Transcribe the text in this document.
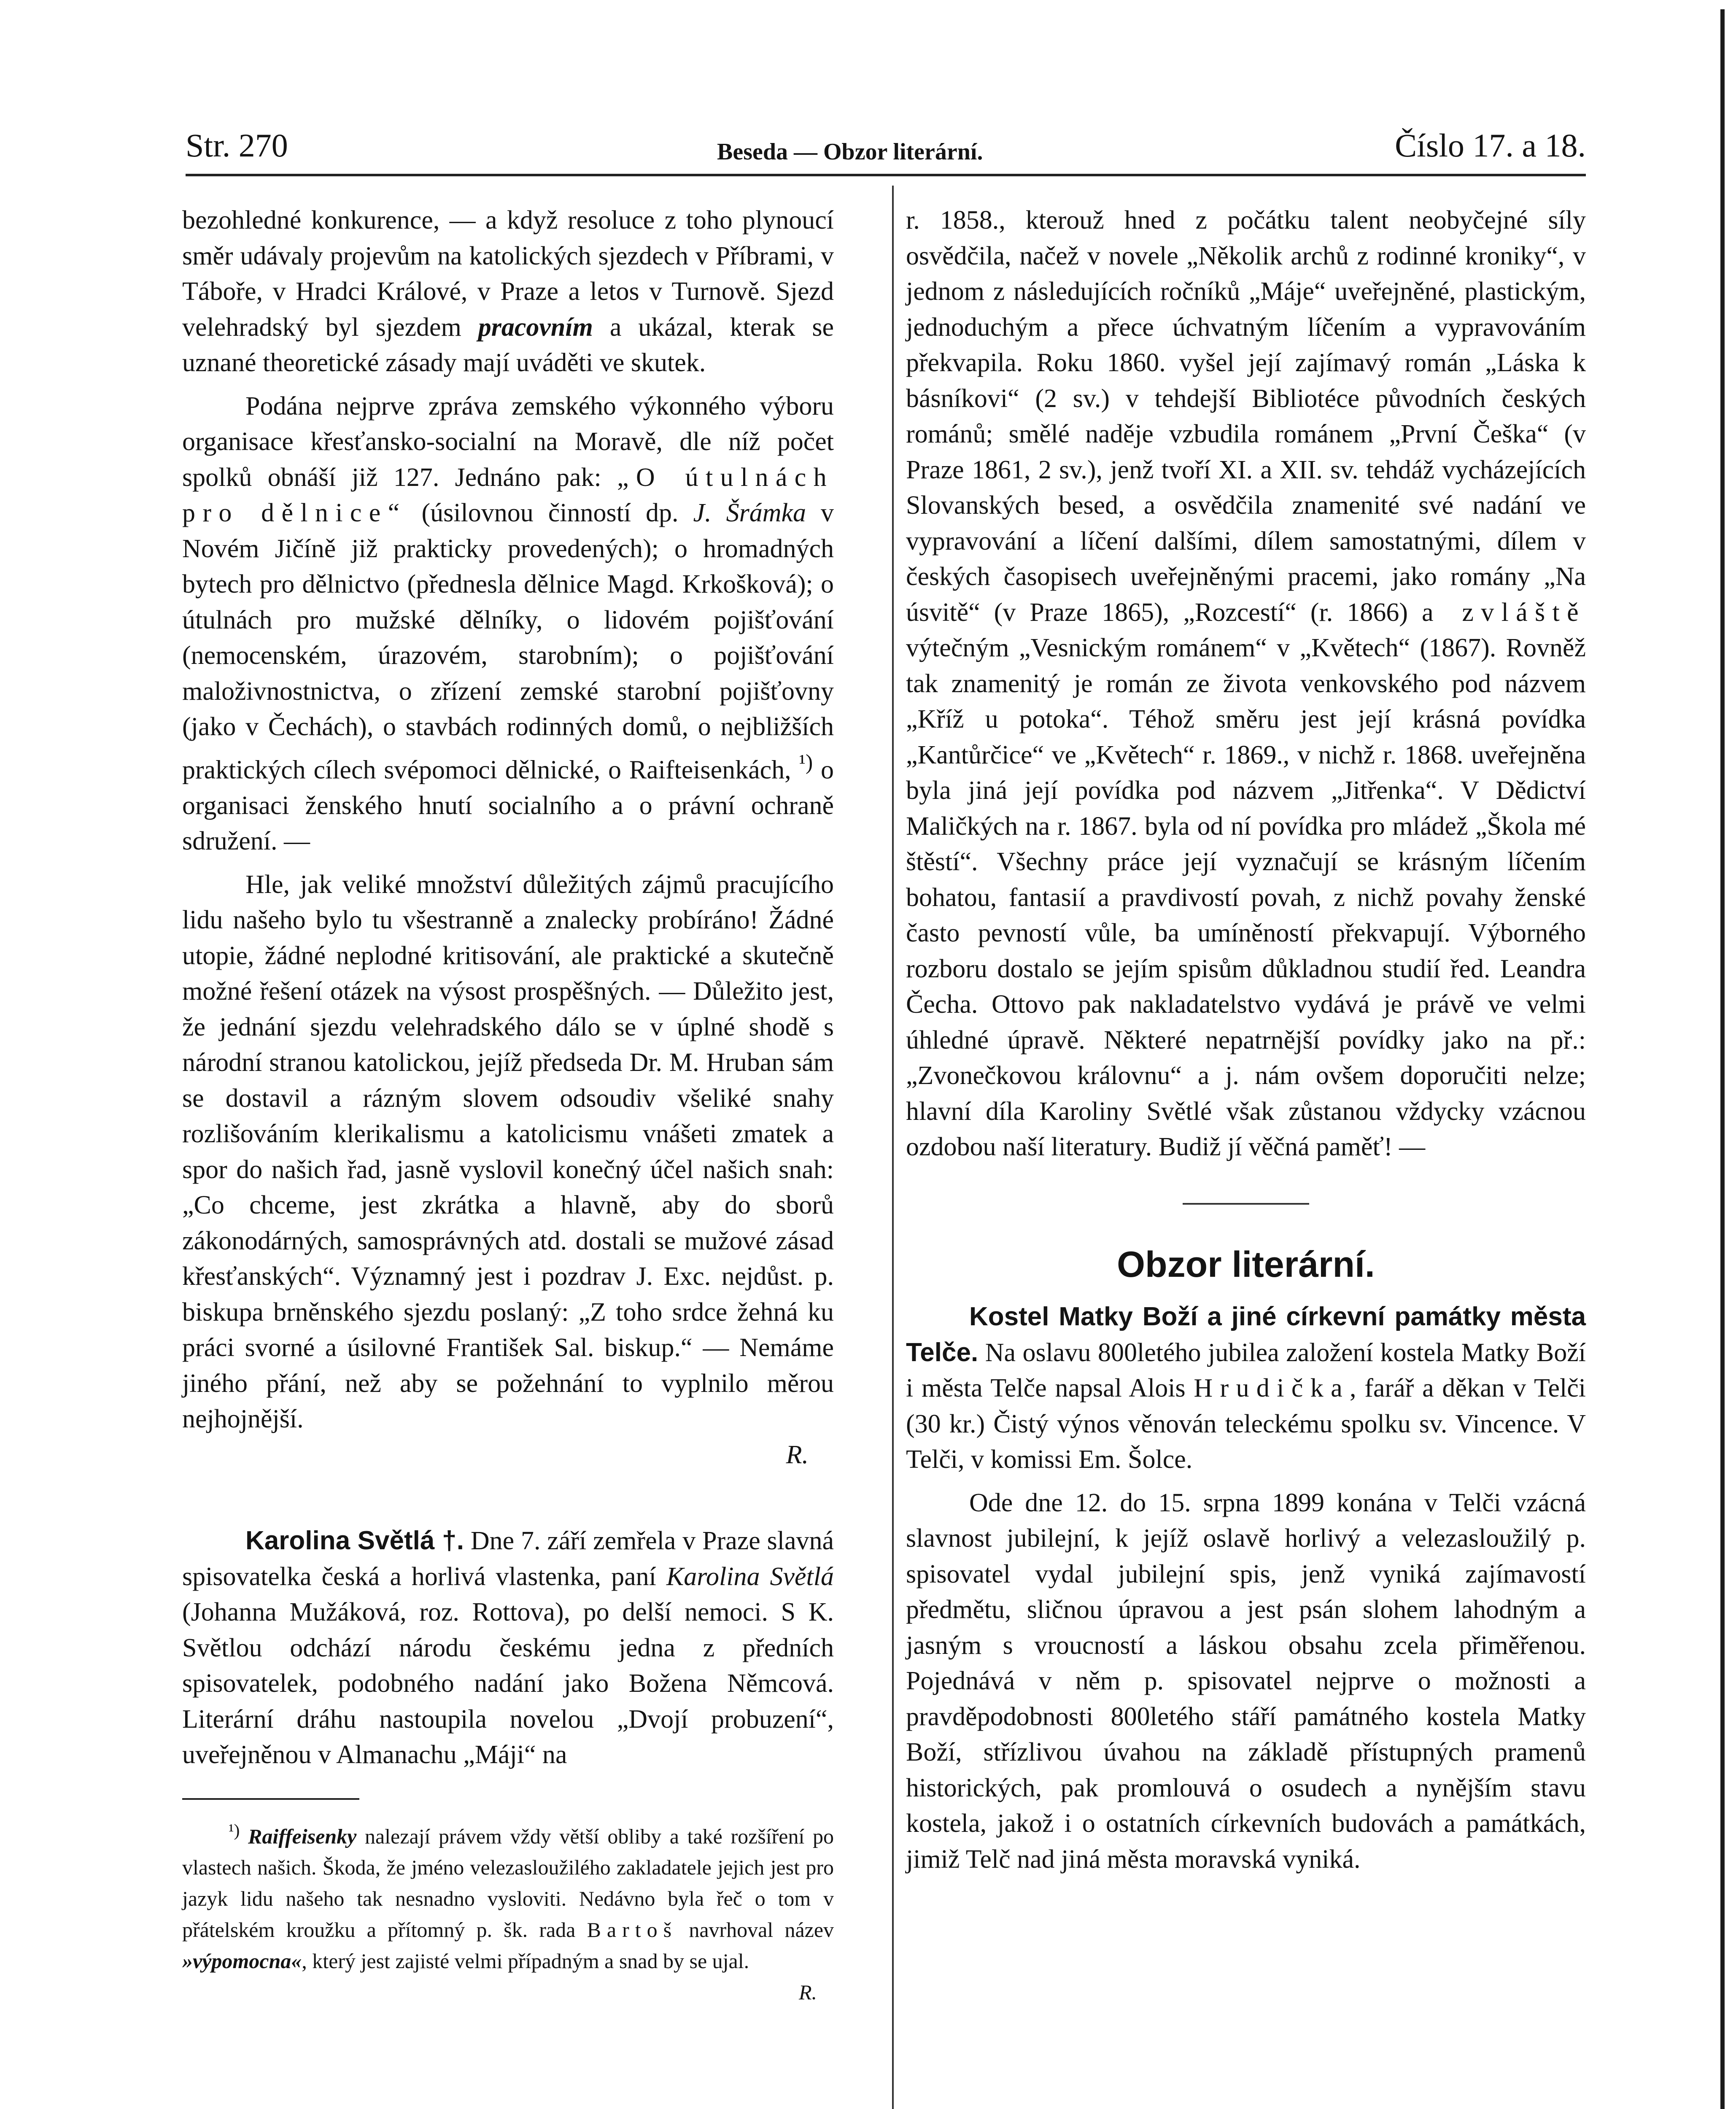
Str. 270	Beseda — Obzor literární.	Číslo 17. a 18.

bezohledné konkurence, — a když resoluce z toho plynoucí směr udávaly projevům na katolických sjezdech v Příbrami, v Táboře, v Hradci Králové, v Praze a letos v Turnově. Sjezd velehradský byl sjezdem pracovním a ukázal, kterak se uznané theoretické zásady mají uváděti ve skutek.

Podána nejprve zpráva zemského výkonného výboru organisace křesťansko-socialní na Moravě, dle níž počet spolků obnáší již 127. Jednáno pak: „O útulnách pro dělnice“ (úsilovnou činností dp. J. Šrámka v Novém Jičíně již prakticky provedených); o hromadných bytech pro dělnictvo (přednesla dělnice Magd. Krkošková); o útulnách pro mužské dělníky, o lidovém pojišťování (nemocenském, úrazovém, starobním); o pojišťování maloživnostnictva, o zřízení zemské starobní pojišťovny (jako v Čechách), o stavbách rodinných domů, o nejbližších praktických cílech svépomoci dělnické, o Raifteisenkách, $^{^1)}$ o organisaci ženského hnutí socialního a o právní ochraně sdružení. —

Hle, jak veliké množství důležitých zájmů pracujícího lidu našeho bylo tu všestranně a znalecky probíráno! Žádné utopie, žádné neplodné kritisování, ale praktické a skutečně možné řešení otázek na výsost prospěšných. — Důležito jest, že jednání sjezdu velehradského dálo se v úplné shodě s národní stranou katolickou, jejíž předseda Dr. M. Hruban sám se dostavil a rázným slovem odsoudiv všeliké snahy rozlišováním klerikalismu a katolicismu vnášeti zmatek a spor do našich řad, jasně vyslovil konečný účel našich snah: „Co chceme, jest zkrátka a hlavně, aby do sborů zákonodárných, samosprávných atd. dostali se mužové zásad křesťanských“. Významný jest i pozdrav J. Exc. nejdůst. p. biskupa brněnského sjezdu poslaný: „Z toho srdce žehná ku práci svorné a úsilovné František Sal. biskup.“ — Nemáme jiného přání, než aby se požehnání to vyplnilo měrou nejhojnější.
R.

Karolina Světlá †. Dne 7. září zemřela v Praze slavná spisovatelka česká a horlivá vlastenka, paní Karolina Světlá (Johanna Mužáková, roz. Rottova), po delší nemoci. S K. Světlou odchází národu českému jedna z předních spisovatelek, podobného nadání jako Božena Němcová. Literární dráhu nastoupila novelou „Dvojí probuzení“, uveřejněnou v Almanachu „Máji“ na

$^{^1)}$ Raiffeisenky nalezají právem vždy větší obliby a také rozšíření po vlastech našich. Škoda, že jméno velezasloužilého zakladatele jejich jest pro jazyk lidu našeho tak nesnadno vysloviti. Nedávno byla řeč o tom v přátelském kroužku a přítomný p. šk. rada Bartoš navrhoval název »výpomocna«, který jest zajisté velmi případným a snad by se ujal.
R.

r. 1858., kterouž hned z počátku talent neobyčejné síly osvědčila, načež v novele „Několik archů z rodinné kroniky“, v jednom z následujících ročníků „Máje“ uveřejněné, plastickým, jednoduchým a přece úchvatným líčením a vypravováním překvapila. Roku 1860. vyšel její zajímavý román „Láska k básníkovi“ (2 sv.) v tehdejší Bibliotéce původních českých románů; smělé naděje vzbudila románem „První Češka“ (v Praze 1861, 2 sv.), jenž tvoří XI. a XII. sv. tehdáž vycházejících Slovanských besed, a osvědčila znamenité své nadání ve vypravování a líčení dalšími, dílem samostatnými, dílem v českých časopisech uveřejněnými pracemi, jako romány „Na úsvitě“ (v Praze 1865), „Rozcestí“ (r. 1866) a zvláště výtečným „Vesnickým románem“ v „Květech“ (1867). Rovněž tak znamenitý je román ze života venkovského pod názvem „Kříž u potoka“. Téhož směru jest její krásná povídka „Kantůrčice“ ve „Květech“ r. 1869., v nichž r. 1868. uveřejněna byla jiná její povídka pod názvem „Jitřenka“. V Dědictví Maličkých na r. 1867. byla od ní povídka pro mládež „Škola mé štěstí“. Všechny práce její vyznačují se krásným líčením bohatou, fantasií a pravdivostí povah, z nichž povahy ženské často pevností vůle, ba umíněností překvapují. Výborného rozboru dostalo se jejím spisům důkladnou studií řed. Leandra Čecha. Ottovo pak nakladatelstvo vydává je právě ve velmi úhledné úpravě. Některé nepatrnější povídky jako na př.: „Zvonečkovou královnu“ a j. nám ovšem doporučiti nelze; hlavní díla Karoliny Světlé však zůstanou vždycky vzácnou ozdobou naší literatury. Budiž jí věčná paměť! —

Obzor literární.

Kostel Matky Boží a jiné církevní památky města Telče. Na oslavu 800letého jubilea založení kostela Matky Boží i města Telče napsal Alois Hrudička, farář a děkan v Telči (30 kr.) Čistý výnos věnován teleckému spolku sv. Vincence. V Telči, v komissi Em. Šolce.

Ode dne 12. do 15. srpna 1899 konána v Telči vzácná slavnost jubilejní, k jejíž oslavě horlivý a velezasloužilý p. spisovatel vydal jubilejní spis, jenž vyniká zajímavostí předmětu, sličnou úpravou a jest psán slohem lahodným a jasným s vroucností a láskou obsahu zcela přiměřenou. Pojednává v něm p. spisovatel nejprve o možnosti a pravděpodobnosti 800letého stáří památného kostela Matky Boží, střízlivou úvahou na základě přístupných pramenů historických, pak promlouvá o osudech a nynějším stavu kostela, jakož i o ostatních církevních budovách a památkách, jimiž Telč nad jiná města moravská vyniká.
